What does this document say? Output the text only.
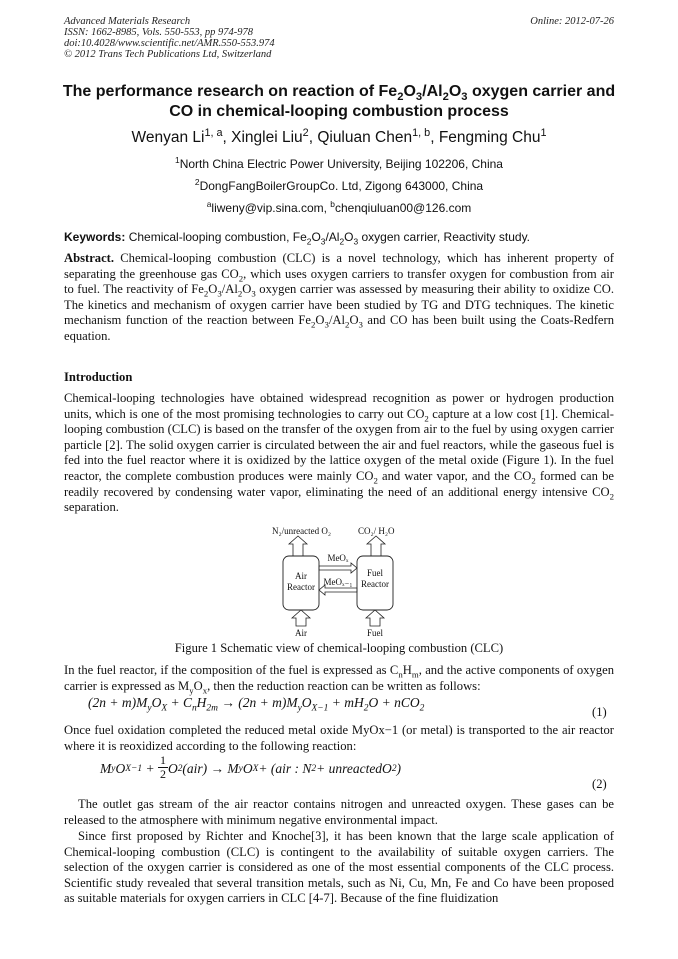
Advanced Materials Research
ISSN: 1662-8985, Vols. 550-553, pp 974-978
doi:10.4028/www.scientific.net/AMR.550-553.974
© 2012 Trans Tech Publications Ltd, Switzerland
Online: 2012-07-26
The performance research on reaction of $Fe_2O_3/Al_2O_3$ oxygen carrier and
CO in chemical-looping combustion process
Wenyan Li$^{1, a}$, Xinglei Liu$^2$, Qiuluan Chen$^{1, b}$, Fengming Chu$^1$
$^1$North China Electric Power University, Beijing 102206, China
$^2$DongFangBoilerGroupCo. Ltd, Zigong 643000, China
$^a$liweny@vip.sina.com, $^b$chenqiuluan00@126.com
Keywords: Chemical-looping combustion, $Fe_2O_3/Al_2O_3$ oxygen carrier, Reactivity study.
Abstract. Chemical-looping combustion (CLC) is a novel technology, which has inherent property of separating the greenhouse gas $CO_2$, which uses oxygen carriers to transfer oxygen for combustion from air to fuel. The reactivity of $Fe_2O_3/Al_2O_3$ oxygen carrier was assessed by measuring their ability to oxidize CO. The kinetics and mechanism of oxygen carrier have been studied by TG and DTG techniques. The kinetic mechanism function of the reaction between $Fe_2O_3/Al_2O_3$ and CO has been built using the Coats-Redfern equation.
Introduction
Chemical-looping technologies have obtained widespread recognition as power or hydrogen production units, which is one of the most promising technologies to carry out $CO_2$ capture at a low cost [1]. Chemical-looping combustion (CLC) is based on the transfer of the oxygen from air to the fuel by using oxygen carrier particle [2]. The solid oxygen carrier is circulated between the air and fuel reactors, while the gaseous fuel is fed into the fuel reactor where it is oxidized by the lattice oxygen of the metal oxide (Figure 1). In the fuel reactor, the complete combustion produces were mainly $CO_2$ and water vapor, and the $CO_2$ formed can be readily recovered by condensing water vapor, eliminating the need of an additional energy intensive $CO_2$ separation.
N₂/unreacted O₂	CO₂/ H₂O
Air
Reactor
Fuel
Reactor
MeOₓ
MeOₓ₋₁
Air	Fuel
Figure 1 Schematic view of chemical-looping combustion (CLC)
In the fuel reactor, if the composition of the fuel is expressed as $C_nH_m$, and the active components of oxygen carrier is expressed as $M_yO_x$, then the reduction reaction can be written as follows:
$(2n + m)M_yO_X + C_nH_{2m} \to (2n + m)M_yO_{X-1} + mH_2O + nCO_2$	(1)
Once fuel oxidation completed the reduced metal oxide MyOx−1 (or metal) is transported to the air reactor where it is reoxidized according to the following reaction:
M y O $X-1 + \frac{1}{2}$ O 2 (air) → M y O X + (air : N 2 + unreactedO 2 )
(2)
The outlet gas stream of the air reactor contains nitrogen and unreacted oxygen. These gases can be released to the atmosphere with minimum negative environmental impact.
Since first proposed by Richter and Knoche[3], it has been known that the large scale application of Chemical-looping combustion (CLC) is contingent to the availability of suitable oxygen carriers. The selection of the oxygen carrier is considered as one of the most essential components of the CLC process. Scientific study revealed that several transition metals, such as Ni, Cu, Mn, Fe and Co have been proposed as suitable materials for oxygen carriers in CLC [4-7]. Because of the fine fluidization
